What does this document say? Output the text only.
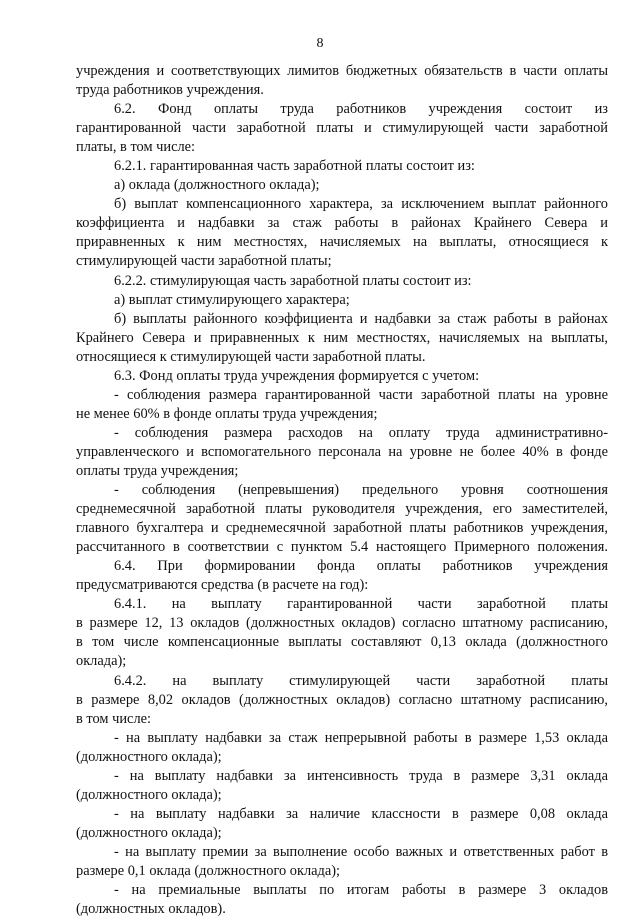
8
учреждения и соответствующих лимитов бюджетных обязательств в части оплаты
труда работников учреждения.
6.2. Фонд оплаты труда работников учреждения состоит из
гарантированной части заработной платы и стимулирующей части заработной
платы, в том числе:
6.2.1. гарантированная часть заработной платы состоит из:
а) оклада (должностного оклада);
б) выплат компенсационного характера, за исключением выплат районного
коэффициента и надбавки за стаж работы в районах Крайнего Севера и
приравненных к ним местностях, начисляемых на выплаты, относящиеся к
стимулирующей части заработной платы;
6.2.2. стимулирующая часть заработной платы состоит из:
а) выплат стимулирующего характера;
б) выплаты районного коэффициента и надбавки за стаж работы в районах
Крайнего Севера и приравненных к ним местностях, начисляемых на выплаты,
относящиеся к стимулирующей части заработной платы.
6.3. Фонд оплаты труда учреждения формируется с учетом:
- соблюдения размера гарантированной части заработной платы на уровне
не менее 60% в фонде оплаты труда учреждения;
- соблюдения размера расходов на оплату труда административно-
управленческого и вспомогательного персонала на уровне не более 40% в фонде
оплаты труда учреждения;
- соблюдения (непревышения) предельного уровня соотношения
среднемесячной заработной платы руководителя учреждения, его заместителей,
главного бухгалтера и среднемесячной заработной платы работников учреждения,
рассчитанного в соответствии с пунктом 5.4 настоящего Примерного положения.
6.4. При формировании фонда оплаты работников учреждения
предусматриваются средства (в расчете на год):
6.4.1. на выплату гарантированной части заработной платы
в размере 12, 13 окладов (должностных окладов) согласно штатному расписанию,
в том числе компенсационные выплаты составляют 0,13 оклада (должностного
оклада);
6.4.2. на выплату стимулирующей части заработной платы
в размере 8,02 окладов (должностных окладов) согласно штатному расписанию,
в том числе:
- на выплату надбавки за стаж непрерывной работы в размере 1,53 оклада
(должностного оклада);
- на выплату надбавки за интенсивность труда в размере 3,31 оклада
(должностного оклада);
- на выплату надбавки за наличие классности в размере 0,08 оклада
(должностного оклада);
- на выплату премии за выполнение особо важных и ответственных работ в
размере 0,1 оклада (должностного оклада);
- на премиальные выплаты по итогам работы в размере 3 окладов
(должностных окладов).
